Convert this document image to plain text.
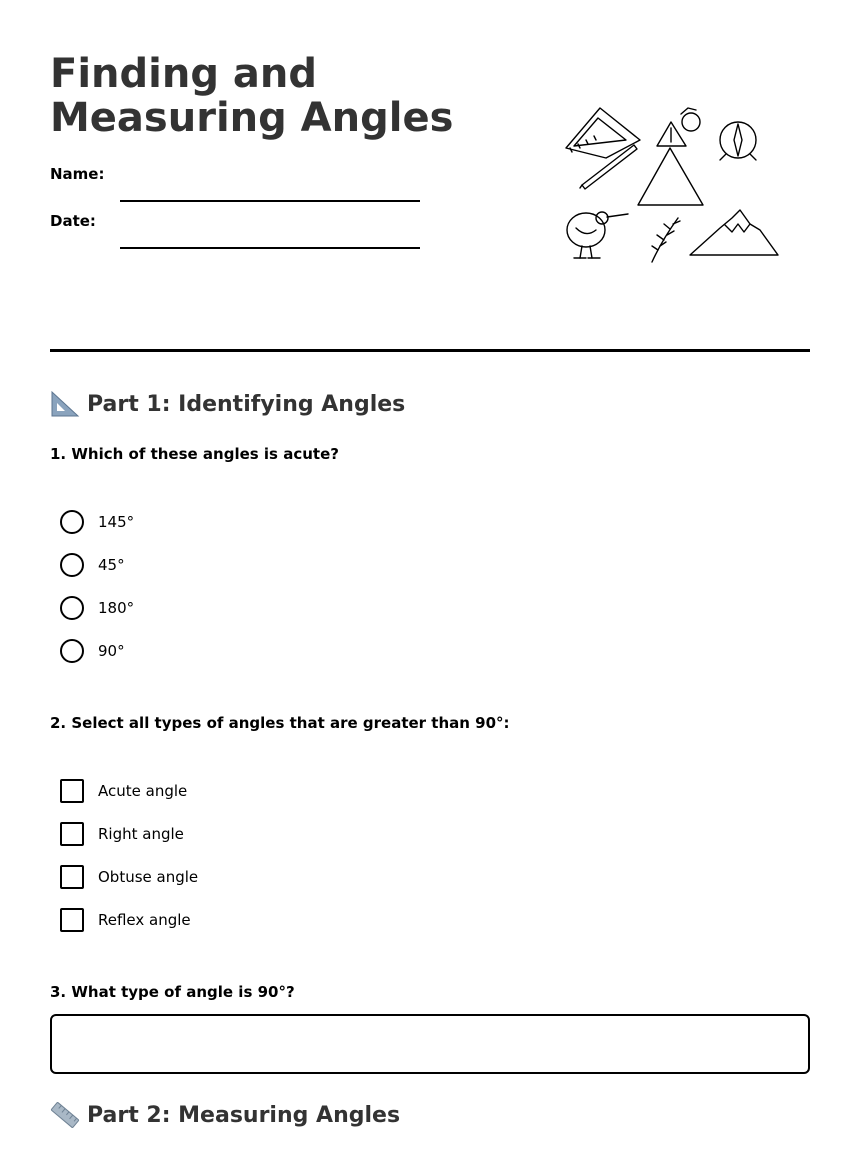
Finding and Measuring Angles
Name:
Date:
Part 1: Identifying Angles
1. Which of these angles is acute?
145°
45°
180°
90°
2. Select all types of angles that are greater than 90°:
Acute angle
Right angle
Obtuse angle
Reflex angle
3. What type of angle is 90°?
Part 2: Measuring Angles
